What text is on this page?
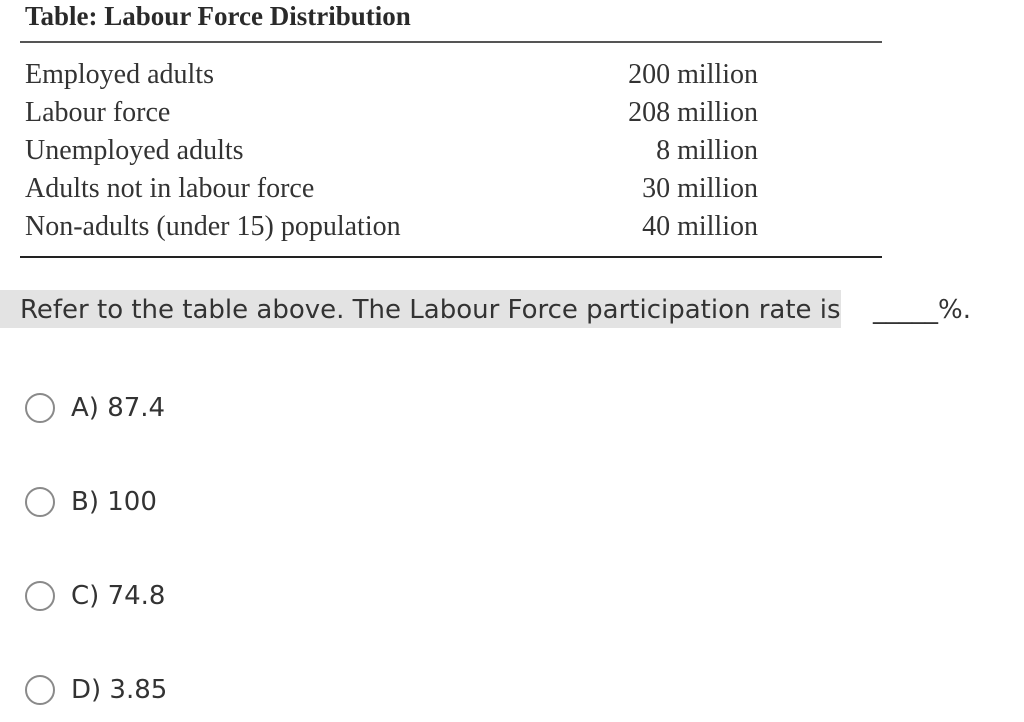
Table: Labour Force Distribution
Employed adults	200 million
Labour force	208 million
Unemployed adults	8 million
Adults not in labour force	30 million
Non-adults (under 15) population	40 million
Refer to the table above. The Labour Force participation rate is _____%.
A) 87.4
B) 100
C) 74.8
D) 3.85
